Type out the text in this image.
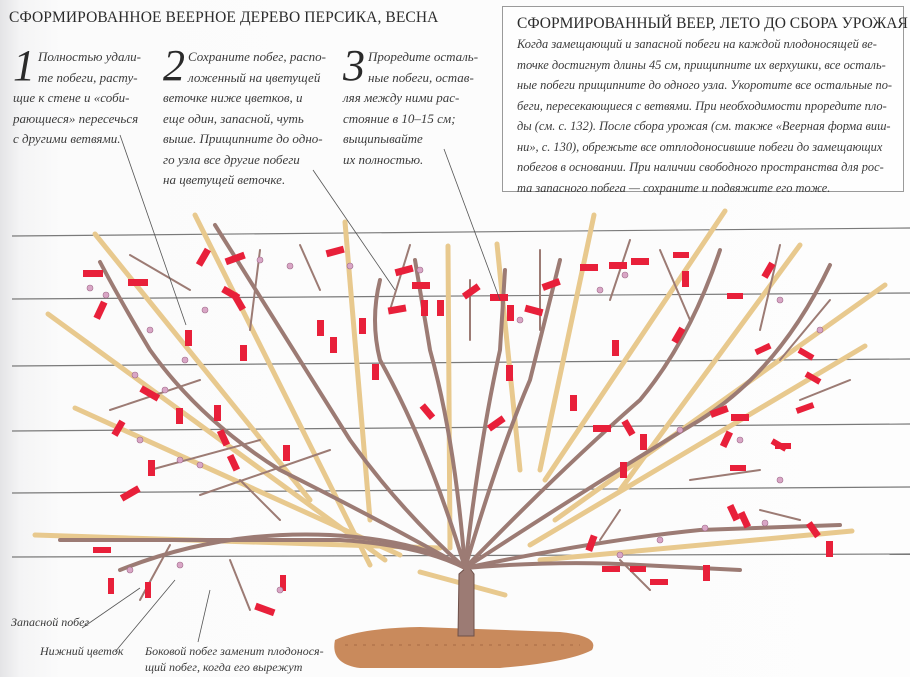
СФОРМИРОВАННОЕ ВЕЕРНОЕ ДЕРЕВО ПЕРСИКА, ВЕСНА
1 Полностью удали-
те побеги, расту-
щие к стене и «соби-
рающиеся» пересечься
с другими ветвями.
2 Сохраните побег, распо-
ложенный на цветущей
веточке ниже цветков, и
еще один, запасной, чуть
выше. Прищипните до одно-
го узла все другие побеги
на цветущей веточке.
3 Проредите осталь-
ные побеги, остав-
ляя между ними рас-
стояние в 10–15 см;
выщипывайте
их полностью.
СФОРМИРОВАННЫЙ ВЕЕР, ЛЕТО ДО СБОРА УРОЖАЯ
Когда замещающий и запасной побеги на каждой плодоносящей ве-
точке достигнут длины 45 см, прищипните их верхушки, все осталь-
ные побеги прищипните до одного узла. Укоротите все остальные по-
беги, пересекающиеся с ветвями. При необходимости проредите пло-
ды (см. с. 132). После сбора урожая (см. также «Веерная форма виш-
ни», с. 130), обрежьте все отплодоносившие побеги до замещающих
побегов в основании. При наличии свободного пространства для рос-
та запасного побега — сохраните и подвяжите его тоже.
Запасной побег
Нижний цветок Боковой побег заменит плодонося-
щий побег, когда его вырежут
